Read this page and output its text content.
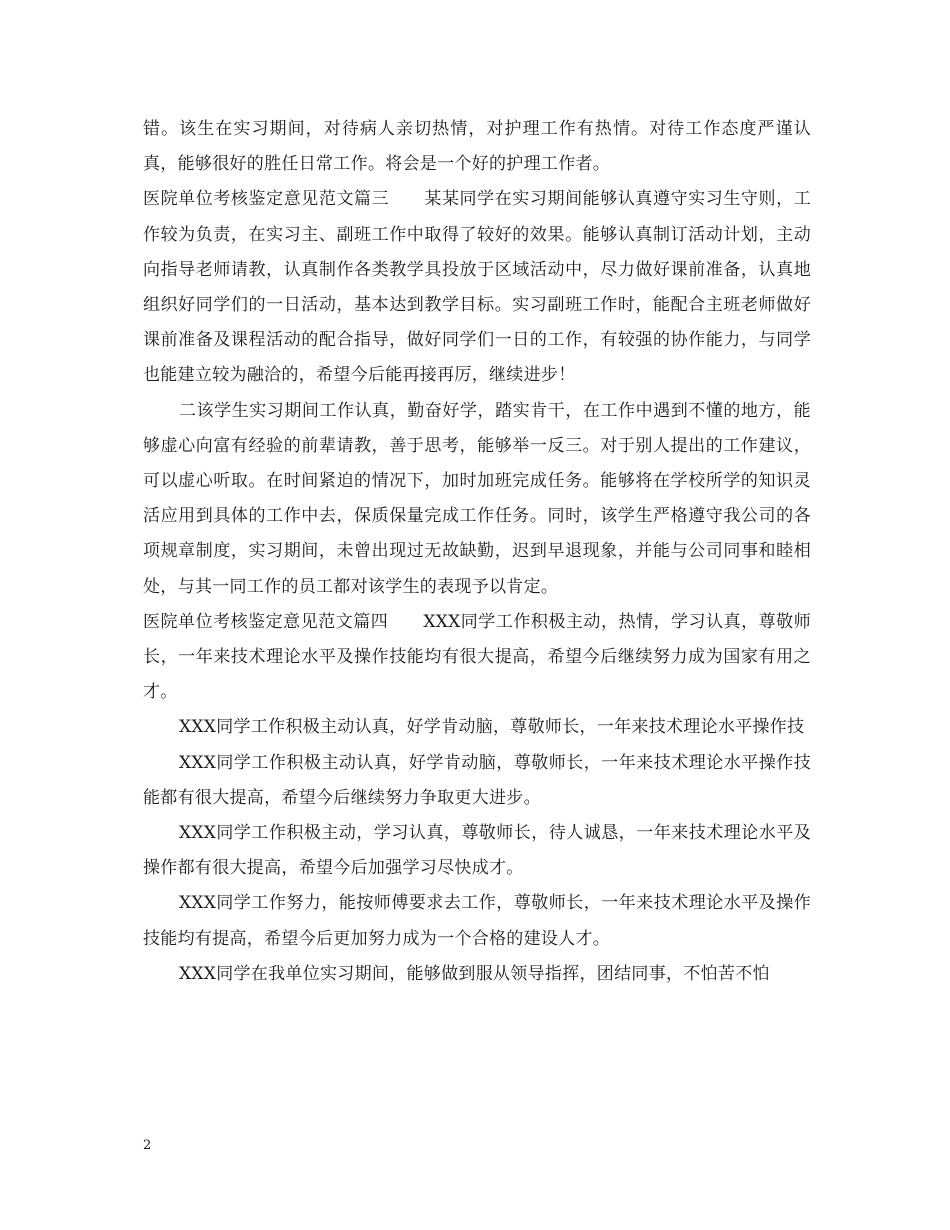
错。该生在实习期间，对待病人亲切热情，对护理工作有热情。对待工作态度严谨认真，能够很好的胜任日常工作。将会是一个好的护理工作者。

医院单位考核鉴定意见范文篇三　　某某同学在实习期间能够认真遵守实习生守则，工作较为负责，在实习主、副班工作中取得了较好的效果。能够认真制订活动计划，主动向指导老师请教，认真制作各类教学具投放于区域活动中，尽力做好课前准备，认真地组织好同学们的一日活动，基本达到教学目标。实习副班工作时，能配合主班老师做好课前准备及课程活动的配合指导，做好同学们一日的工作，有较强的协作能力，与同学也能建立较为融洽的，希望今后能再接再厉，继续进步！

二该学生实习期间工作认真，勤奋好学，踏实肯干，在工作中遇到不懂的地方，能够虚心向富有经验的前辈请教，善于思考，能够举一反三。对于别人提出的工作建议，可以虚心听取。在时间紧迫的情况下，加时加班完成任务。能够将在学校所学的知识灵活应用到具体的工作中去，保质保量完成工作任务。同时，该学生严格遵守我公司的各项规章制度，实习期间，未曾出现过无故缺勤，迟到早退现象，并能与公司同事和睦相处，与其一同工作的员工都对该学生的表现予以肯定。

医院单位考核鉴定意见范文篇四　　XXX同学工作积极主动，热情，学习认真，尊敬师长，一年来技术理论水平及操作技能均有很大提高，希望今后继续努力成为国家有用之才。

XXX同学工作积极主动认真，好学肯动脑，尊敬师长，一年来技术理论水平操作技

XXX同学工作积极主动认真，好学肯动脑，尊敬师长，一年来技术理论水平操作技能都有很大提高，希望今后继续努力争取更大进步。

XXX同学工作积极主动，学习认真，尊敬师长，待人诚恳，一年来技术理论水平及操作都有很大提高，希望今后加强学习尽快成才。

XXX同学工作努力，能按师傅要求去工作，尊敬师长，一年来技术理论水平及操作技能均有提高，希望今后更加努力成为一个合格的建设人才。

XXX同学在我单位实习期间，能够做到服从领导指挥，团结同事，不怕苦不怕

2
